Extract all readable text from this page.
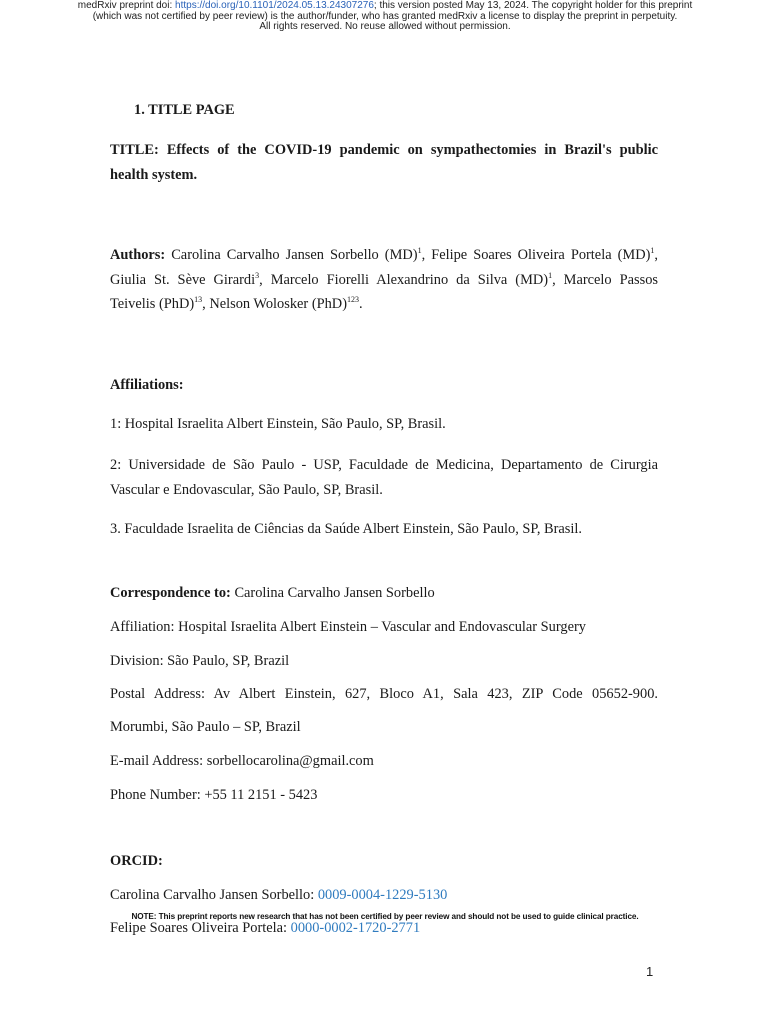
medRxiv preprint doi: https://doi.org/10.1101/2024.05.13.24307276; this version posted May 13, 2024. The copyright holder for this preprint
(which was not certified by peer review) is the author/funder, who has granted medRxiv a license to display the preprint in perpetuity.
All rights reserved. No reuse allowed without permission.
1. TITLE PAGE
TITLE: Effects of the COVID-19 pandemic on sympathectomies in Brazil's public
health system.
Authors: Carolina Carvalho Jansen Sorbello (MD)$^1$, Felipe Soares Oliveira Portela (MD)$^1$, Giulia St. Sève Girardi$^3$, Marcelo Fiorelli Alexandrino da Silva (MD)$^1$, Marcelo Passos Teivelis (PhD)$^{13}$, Nelson Wolosker (PhD)$^{123}$.
Affiliations:
1: Hospital Israelita Albert Einstein, São Paulo, SP, Brasil.
2: Universidade de São Paulo - USP, Faculdade de Medicina, Departamento de Cirurgia Vascular e Endovascular, São Paulo, SP, Brasil.
3. Faculdade Israelita de Ciências da Saúde Albert Einstein, São Paulo, SP, Brasil.
Correspondence to: Carolina Carvalho Jansen Sorbello
Affiliation: Hospital Israelita Albert Einstein – Vascular and Endovascular Surgery
Division: São Paulo, SP, Brazil
Postal Address: Av Albert Einstein, 627, Bloco A1, Sala 423, ZIP Code 05652-900.
Morumbi, São Paulo – SP, Brazil
E-mail Address: sorbellocarolina@gmail.com
Phone Number: +55 11 2151 - 5423
ORCID:
Carolina Carvalho Jansen Sorbello: 0009-0004-1229-5130
NOTE: This preprint reports new research that has not been certified by peer review and should not be used to guide clinical practice.
Felipe Soares Oliveira Portela: 0000-0002-1720-2771
1
